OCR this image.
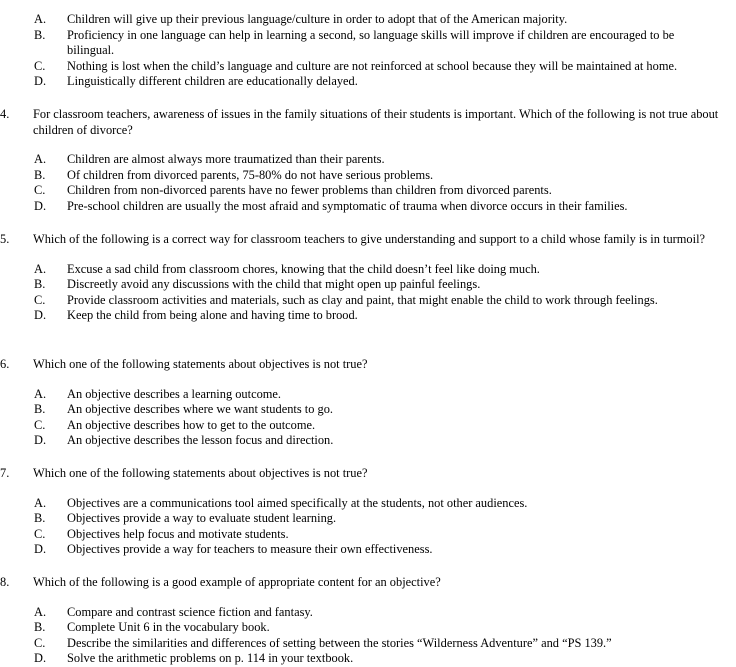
A. Children will give up their previous language/culture in order to adopt that of the American majority.
B. Proficiency in one language can help in learning a second, so language skills will improve if children are encouraged to be bilingual.
C. Nothing is lost when the child’s language and culture are not reinforced at school because they will be maintained at home.
D. Linguistically different children are educationally delayed.
4. For classroom teachers, awareness of issues in the family situations of their students is important. Which of the following is not true about children of divorce?
A. Children are almost always more traumatized than their parents.
B. Of children from divorced parents, 75-80% do not have serious problems.
C. Children from non-divorced parents have no fewer problems than children from divorced parents.
D. Pre-school children are usually the most afraid and symptomatic of trauma when divorce occurs in their families.
5. Which of the following is a correct way for classroom teachers to give understanding and support to a child whose family is in turmoil?
A. Excuse a sad child from classroom chores, knowing that the child doesn’t feel like doing much.
B. Discreetly avoid any discussions with the child that might open up painful feelings.
C. Provide classroom activities and materials, such as clay and paint, that might enable the child to work through feelings.
D. Keep the child from being alone and having time to brood.
6. Which one of the following statements about objectives is not true?
A. An objective describes a learning outcome.
B. An objective describes where we want students to go.
C. An objective describes how to get to the outcome.
D. An objective describes the lesson focus and direction.
7. Which one of the following statements about objectives is not true?
A. Objectives are a communications tool aimed specifically at the students, not other audiences.
B. Objectives provide a way to evaluate student learning.
C. Objectives help focus and motivate students.
D. Objectives provide a way for teachers to measure their own effectiveness.
8. Which of the following is a good example of appropriate content for an objective?
A. Compare and contrast science fiction and fantasy.
B. Complete Unit 6 in the vocabulary book.
C. Describe the similarities and differences of setting between the stories “Wilderness Adventure” and “PS 139.”
D. Solve the arithmetic problems on p. 114 in your textbook.
